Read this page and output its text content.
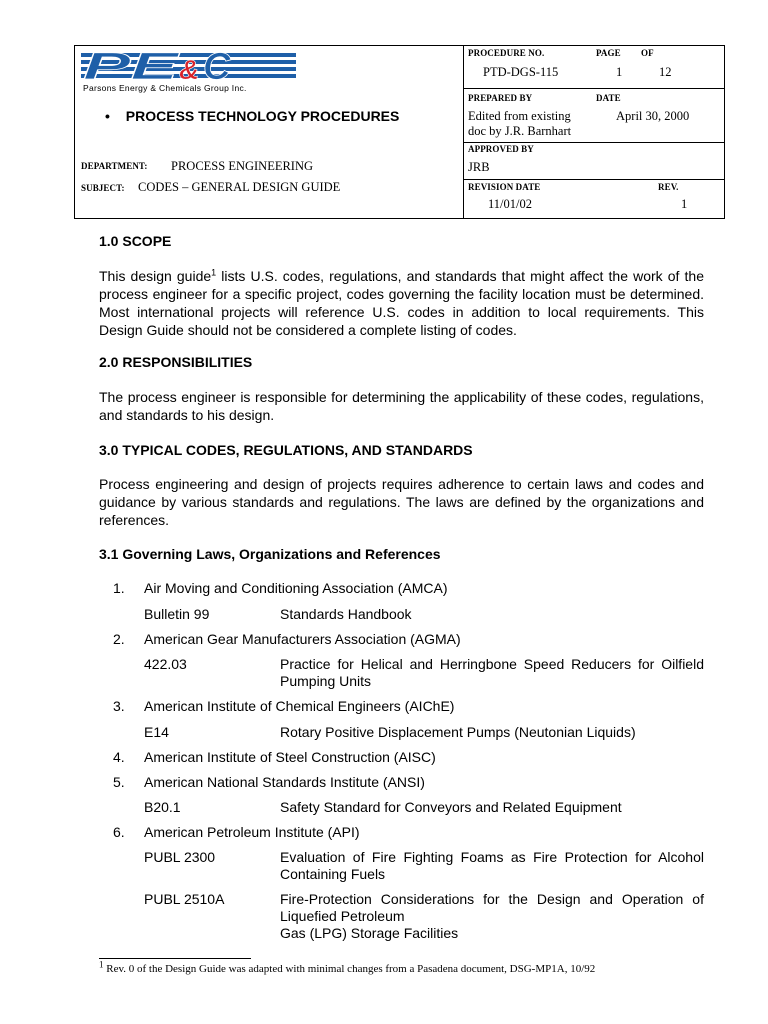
PE
& C
Parsons Energy & Chemicals Group Inc.
• PROCESS TECHNOLOGY PROCEDURES
DEPARTMENT: PROCESS ENGINEERING
SUBJECT: CODES – GENERAL DESIGN GUIDE
PROCEDURE NO.	PAGE OF
PTD-DGS-115	1	12
PREPARED BY	DATE
Edited from existing
doc by J.R. Barnhart
April 30, 2000
APPROVED BY
JRB
REVISION DATE	REV.
11/01/02	1
1.0 SCOPE
This design guide$^1$ lists U.S. codes, regulations, and standards that might affect the work of the process engineer for a specific project, codes governing the facility location must be determined. Most international projects will reference U.S. codes in addition to local requirements. This Design Guide should not be considered a complete listing of codes.
2.0 RESPONSIBILITIES
The process engineer is responsible for determining the applicability of these codes, regulations, and standards to his design.
3.0 TYPICAL CODES, REGULATIONS, AND STANDARDS
Process engineering and design of projects requires adherence to certain laws and codes and guidance by various standards and regulations. The laws are defined by the organizations and references.
3.1 Governing Laws, Organizations and References
1. Air Moving and Conditioning Association (AMCA)
Bulletin 99	Standards Handbook
2. American Gear Manufacturers Association (AGMA)
422.03	Practice for Helical and Herringbone Speed Reducers for Oilfield Pumping Units
3. American Institute of Chemical Engineers (AIChE)
E14	Rotary Positive Displacement Pumps (Neutonian Liquids)
4. American Institute of Steel Construction (AISC)
5. American National Standards Institute (ANSI)
B20.1	Safety Standard for Conveyors and Related Equipment
6. American Petroleum Institute (API)
PUBL 2300	Evaluation of Fire Fighting Foams as Fire Protection for Alcohol Containing Fuels
PUBL 2510A	Fire-Protection Considerations for the Design and Operation of Liquefied Petroleum
Gas (LPG) Storage Facilities
$^1$ Rev. 0 of the Design Guide was adapted with minimal changes from a Pasadena document, DSG-MP1A, 10/92
